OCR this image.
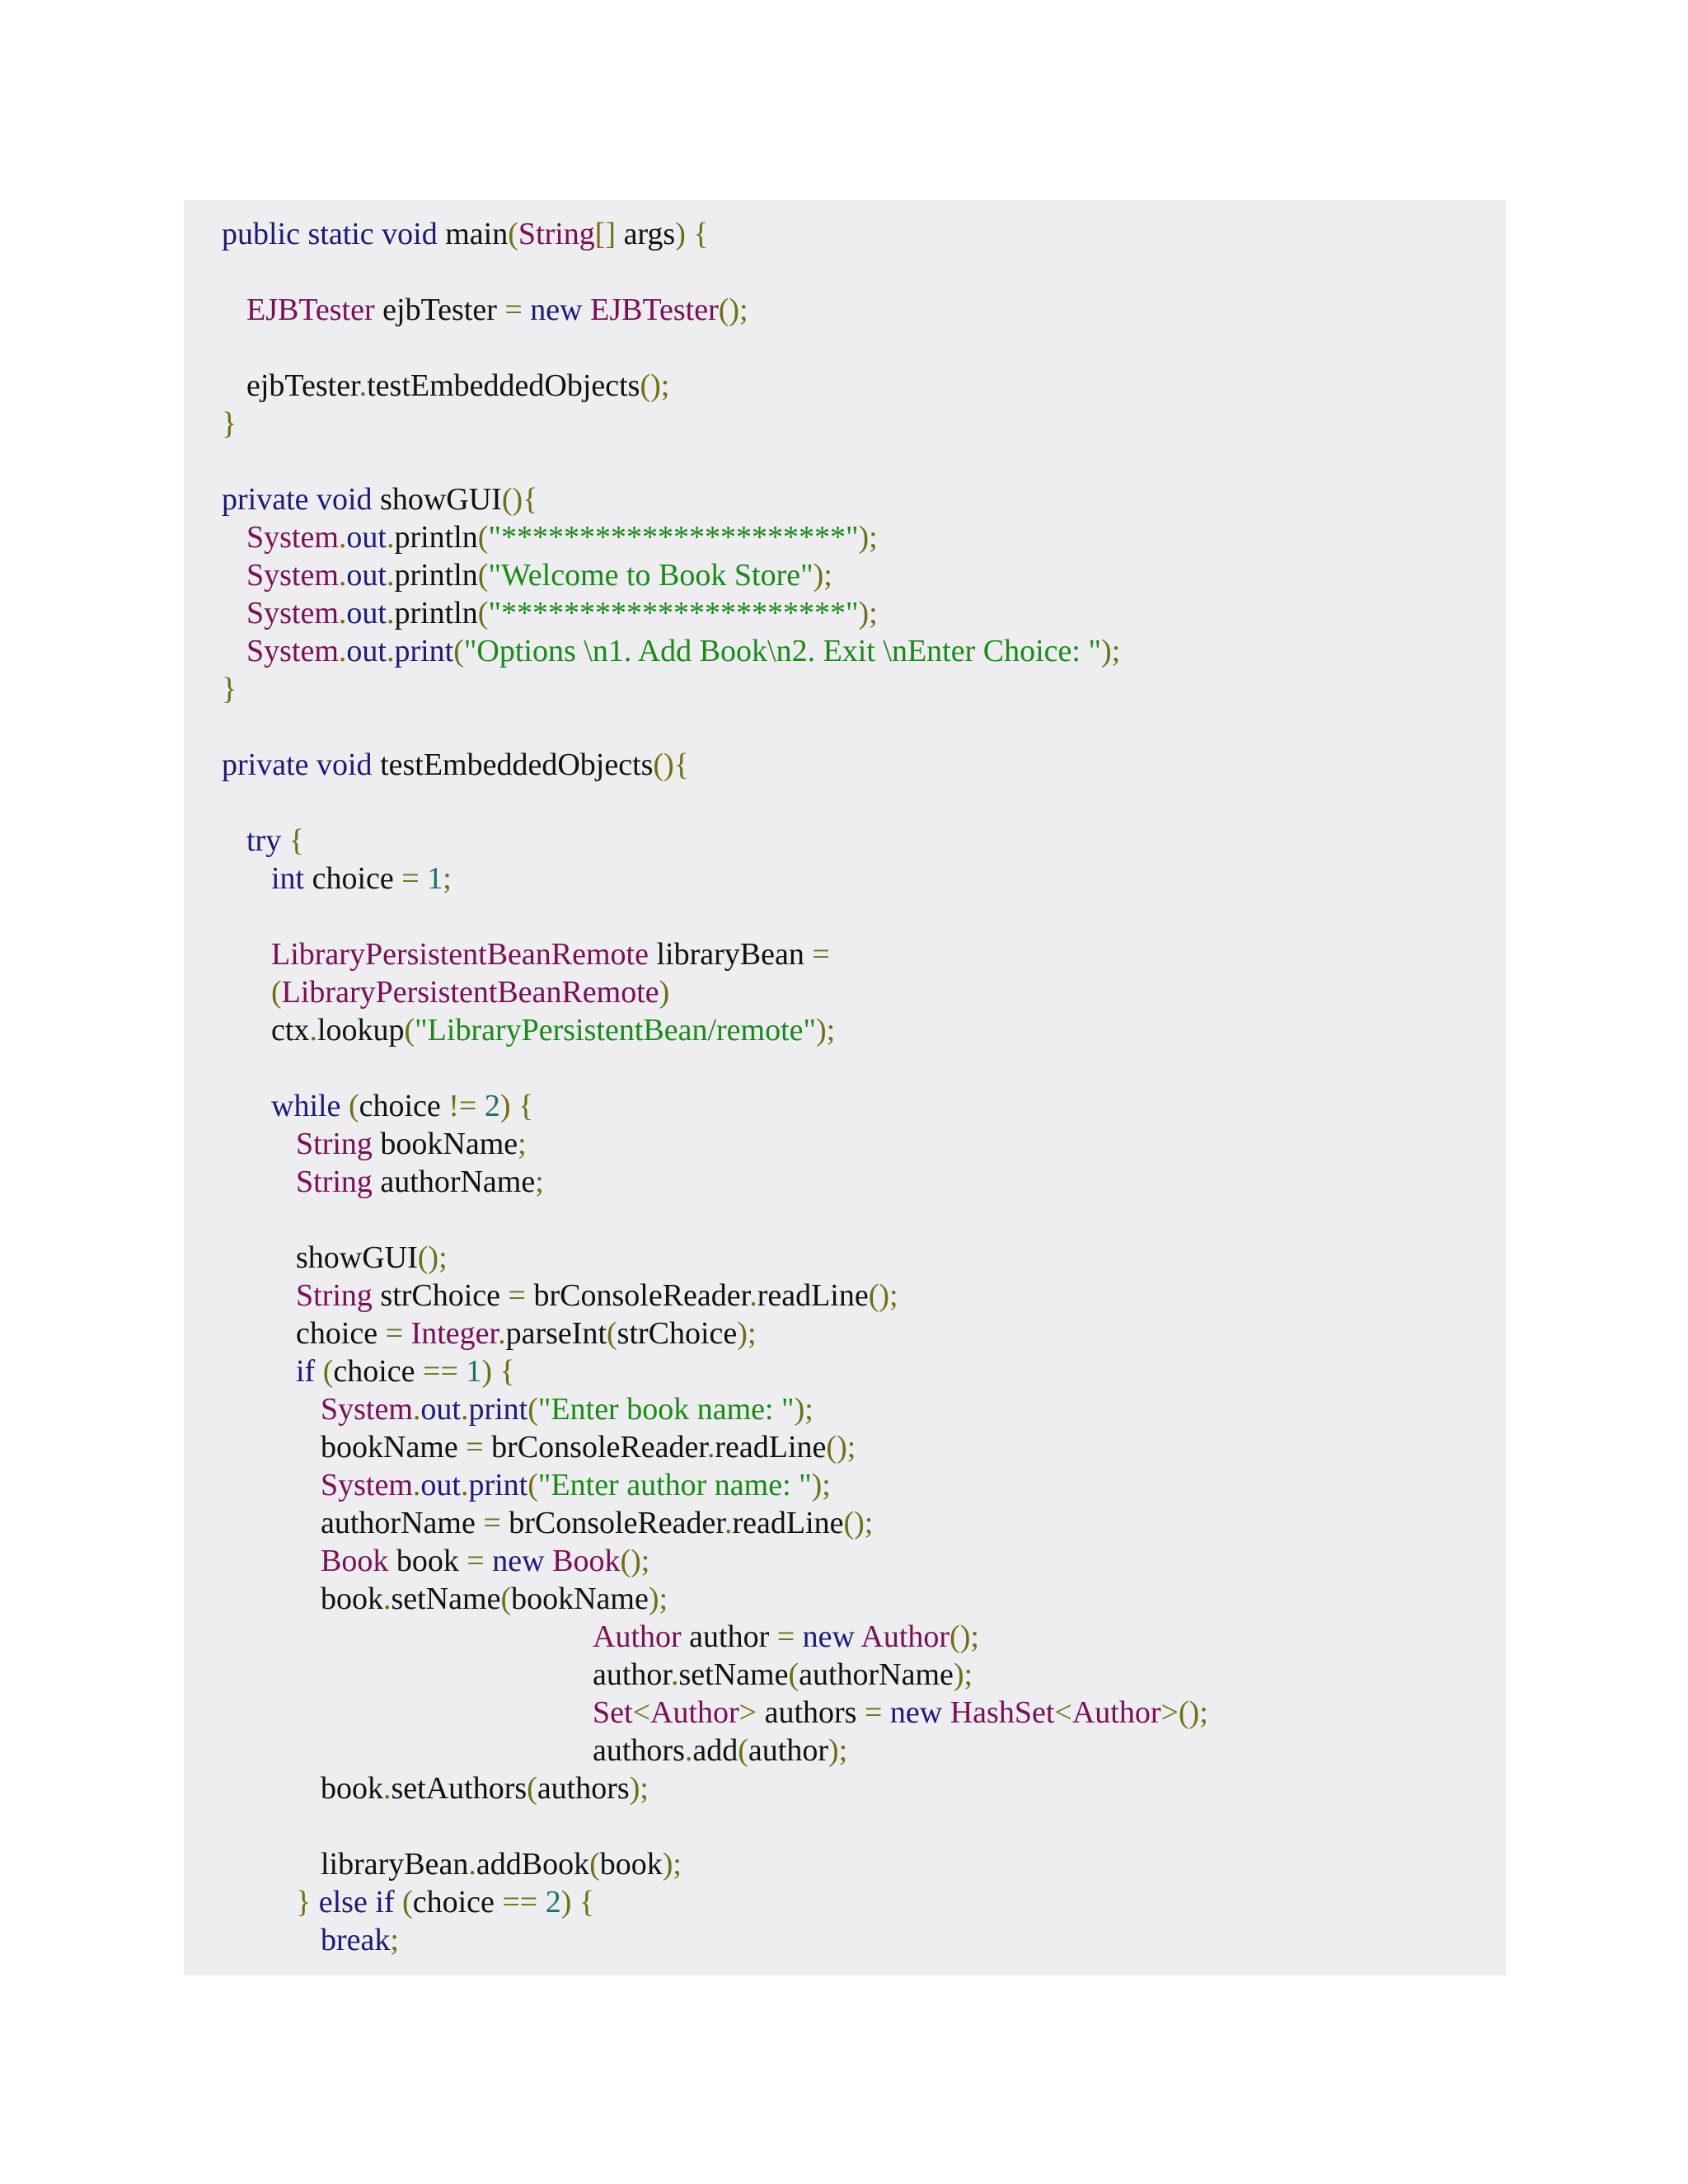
public static void main(String[] args) {
EJBTester ejbTester = new EJBTester();
ejbTester.testEmbeddedObjects();
}
private void showGUI(){
System.out.println("**********************");
System.out.println("Welcome to Book Store");
System.out.println("**********************");
System.out.print("Options \n1. Add Book\n2. Exit \nEnter Choice: ");
}
private void testEmbeddedObjects(){
try {
int choice = 1;
LibraryPersistentBeanRemote libraryBean =
(LibraryPersistentBeanRemote)
ctx.lookup("LibraryPersistentBean/remote");
while (choice != 2) {
String bookName;
String authorName;
showGUI();
String strChoice = brConsoleReader.readLine();
choice = Integer.parseInt(strChoice);
if (choice == 1) {
System.out.print("Enter book name: ");
bookName = brConsoleReader.readLine();
System.out.print("Enter author name: ");
authorName = brConsoleReader.readLine();
Book book = new Book();
book.setName(bookName);
Author author = new Author();
author.setName(authorName);
Set<Author> authors = new HashSet<Author>();
authors.add(author);
book.setAuthors(authors);
libraryBean.addBook(book);
} else if (choice == 2) {
break;
